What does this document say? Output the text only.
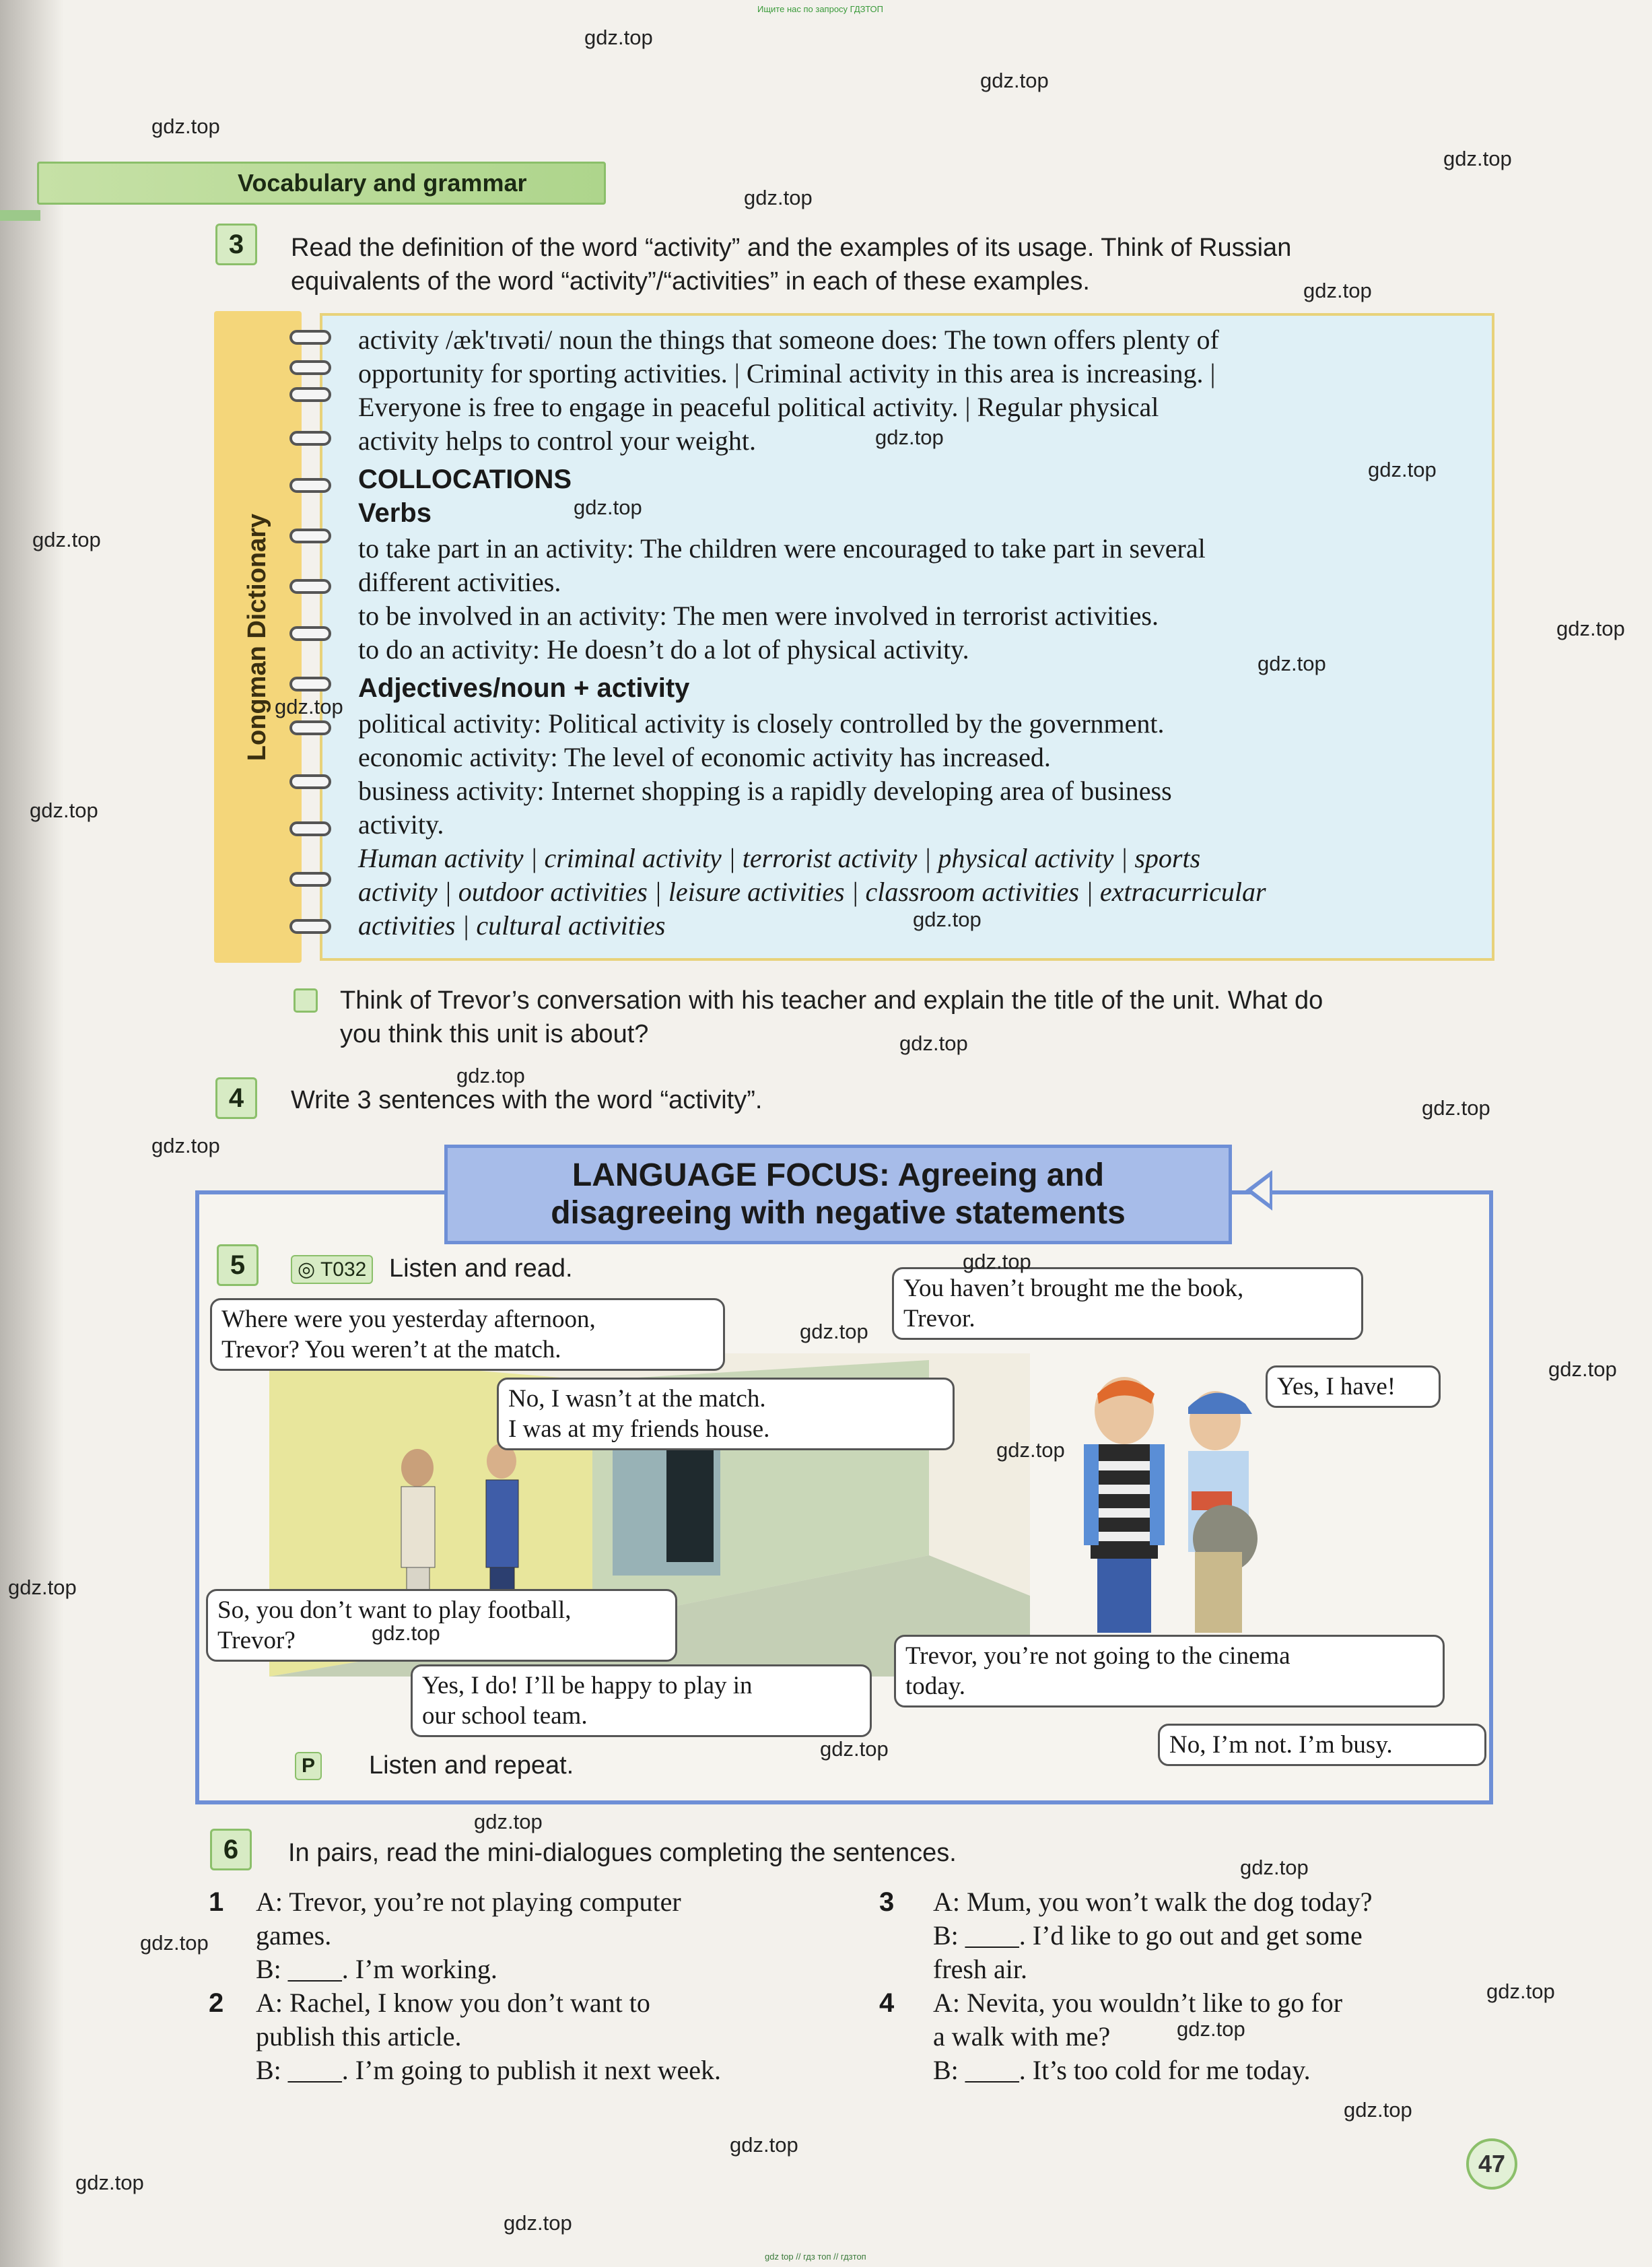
Ищите нас по запросу ГДЗТОП
Vocabulary and grammar
3	Read the definition of the word “activity” and the examples of its usage. Think of Russian
equivalents of the word “activity”/“activities” in each of these examples.
Longman Dictionary
activity /æk'tɪvəti/ noun the things that someone does: The town offers plenty of
opportunity for sporting activities. | Criminal activity in this area is increasing. |
Everyone is free to engage in peaceful political activity. | Regular physical
activity helps to control your weight.
COLLOCATIONS
Verbs
to take part in an activity: The children were encouraged to take part in several
different activities.
to be involved in an activity: The men were involved in terrorist activities.
to do an activity: He doesn’t do a lot of physical activity.
Adjectives/noun + activity
political activity: Political activity is closely controlled by the government.
economic activity: The level of economic activity has increased.
business activity: Internet shopping is a rapidly developing area of business
activity.
Human activity | criminal activity | terrorist activity | physical activity | sports
activity | outdoor activities | leisure activities | classroom activities | extracurricular
activities | cultural activities
Think of Trevor’s conversation with his teacher and explain the title of the unit. What do
you think this unit is about?
4	Write 3 sentences with the word “activity”.
LANGUAGE FOCUS: Agreeing and
disagreeing with negative statements
5	◎ T032 Listen and read.
Where were you yesterday afternoon,
Trevor? You weren’t at the match.
No, I wasn’t at the match.
I was at my friends house.
So, you don’t want to play football,
Trevor?
Yes, I do! I’ll be happy to play in
our school team.
You haven’t brought me the book,
Trevor.
Yes, I have!
Trevor, you’re not going to the cinema
today.
No, I’m not. I’m busy.
P Listen and repeat.
6	In pairs, read the mini-dialogues completing the sentences.
1 A: Trevor, you’re not playing computer
games.
B: ____. I’m working.
2 A: Rachel, I know you don’t want to
publish this article.
B: ____. I’m going to publish it next week.
3 A: Mum, you won’t walk the dog today?
B: ____. I’d like to go out and get some
fresh air.
4 A: Nevita, you wouldn’t like to go for
a walk with me?
B: ____. It’s too cold for me today.
47
gdz.top
gdz.top
gdz.top
gdz.top
gdz.top
gdz.top
gdz.top
gdz.top
gdz.top
gdz.top
gdz.top
gdz.top
gdz.top
gdz.top
gdz.top
gdz.top
gdz.top
gdz.top
gdz.top
gdz.top
gdz.top
gdz.top
gdz.top
gdz.top
gdz.top
gdz.top
gdz.top
gdz.top
gdz.top
gdz.top
gdz.top
gdz.top
gdz.top
gdz.top
gdz.top
gdz top // гдз топ // гдзтоп
